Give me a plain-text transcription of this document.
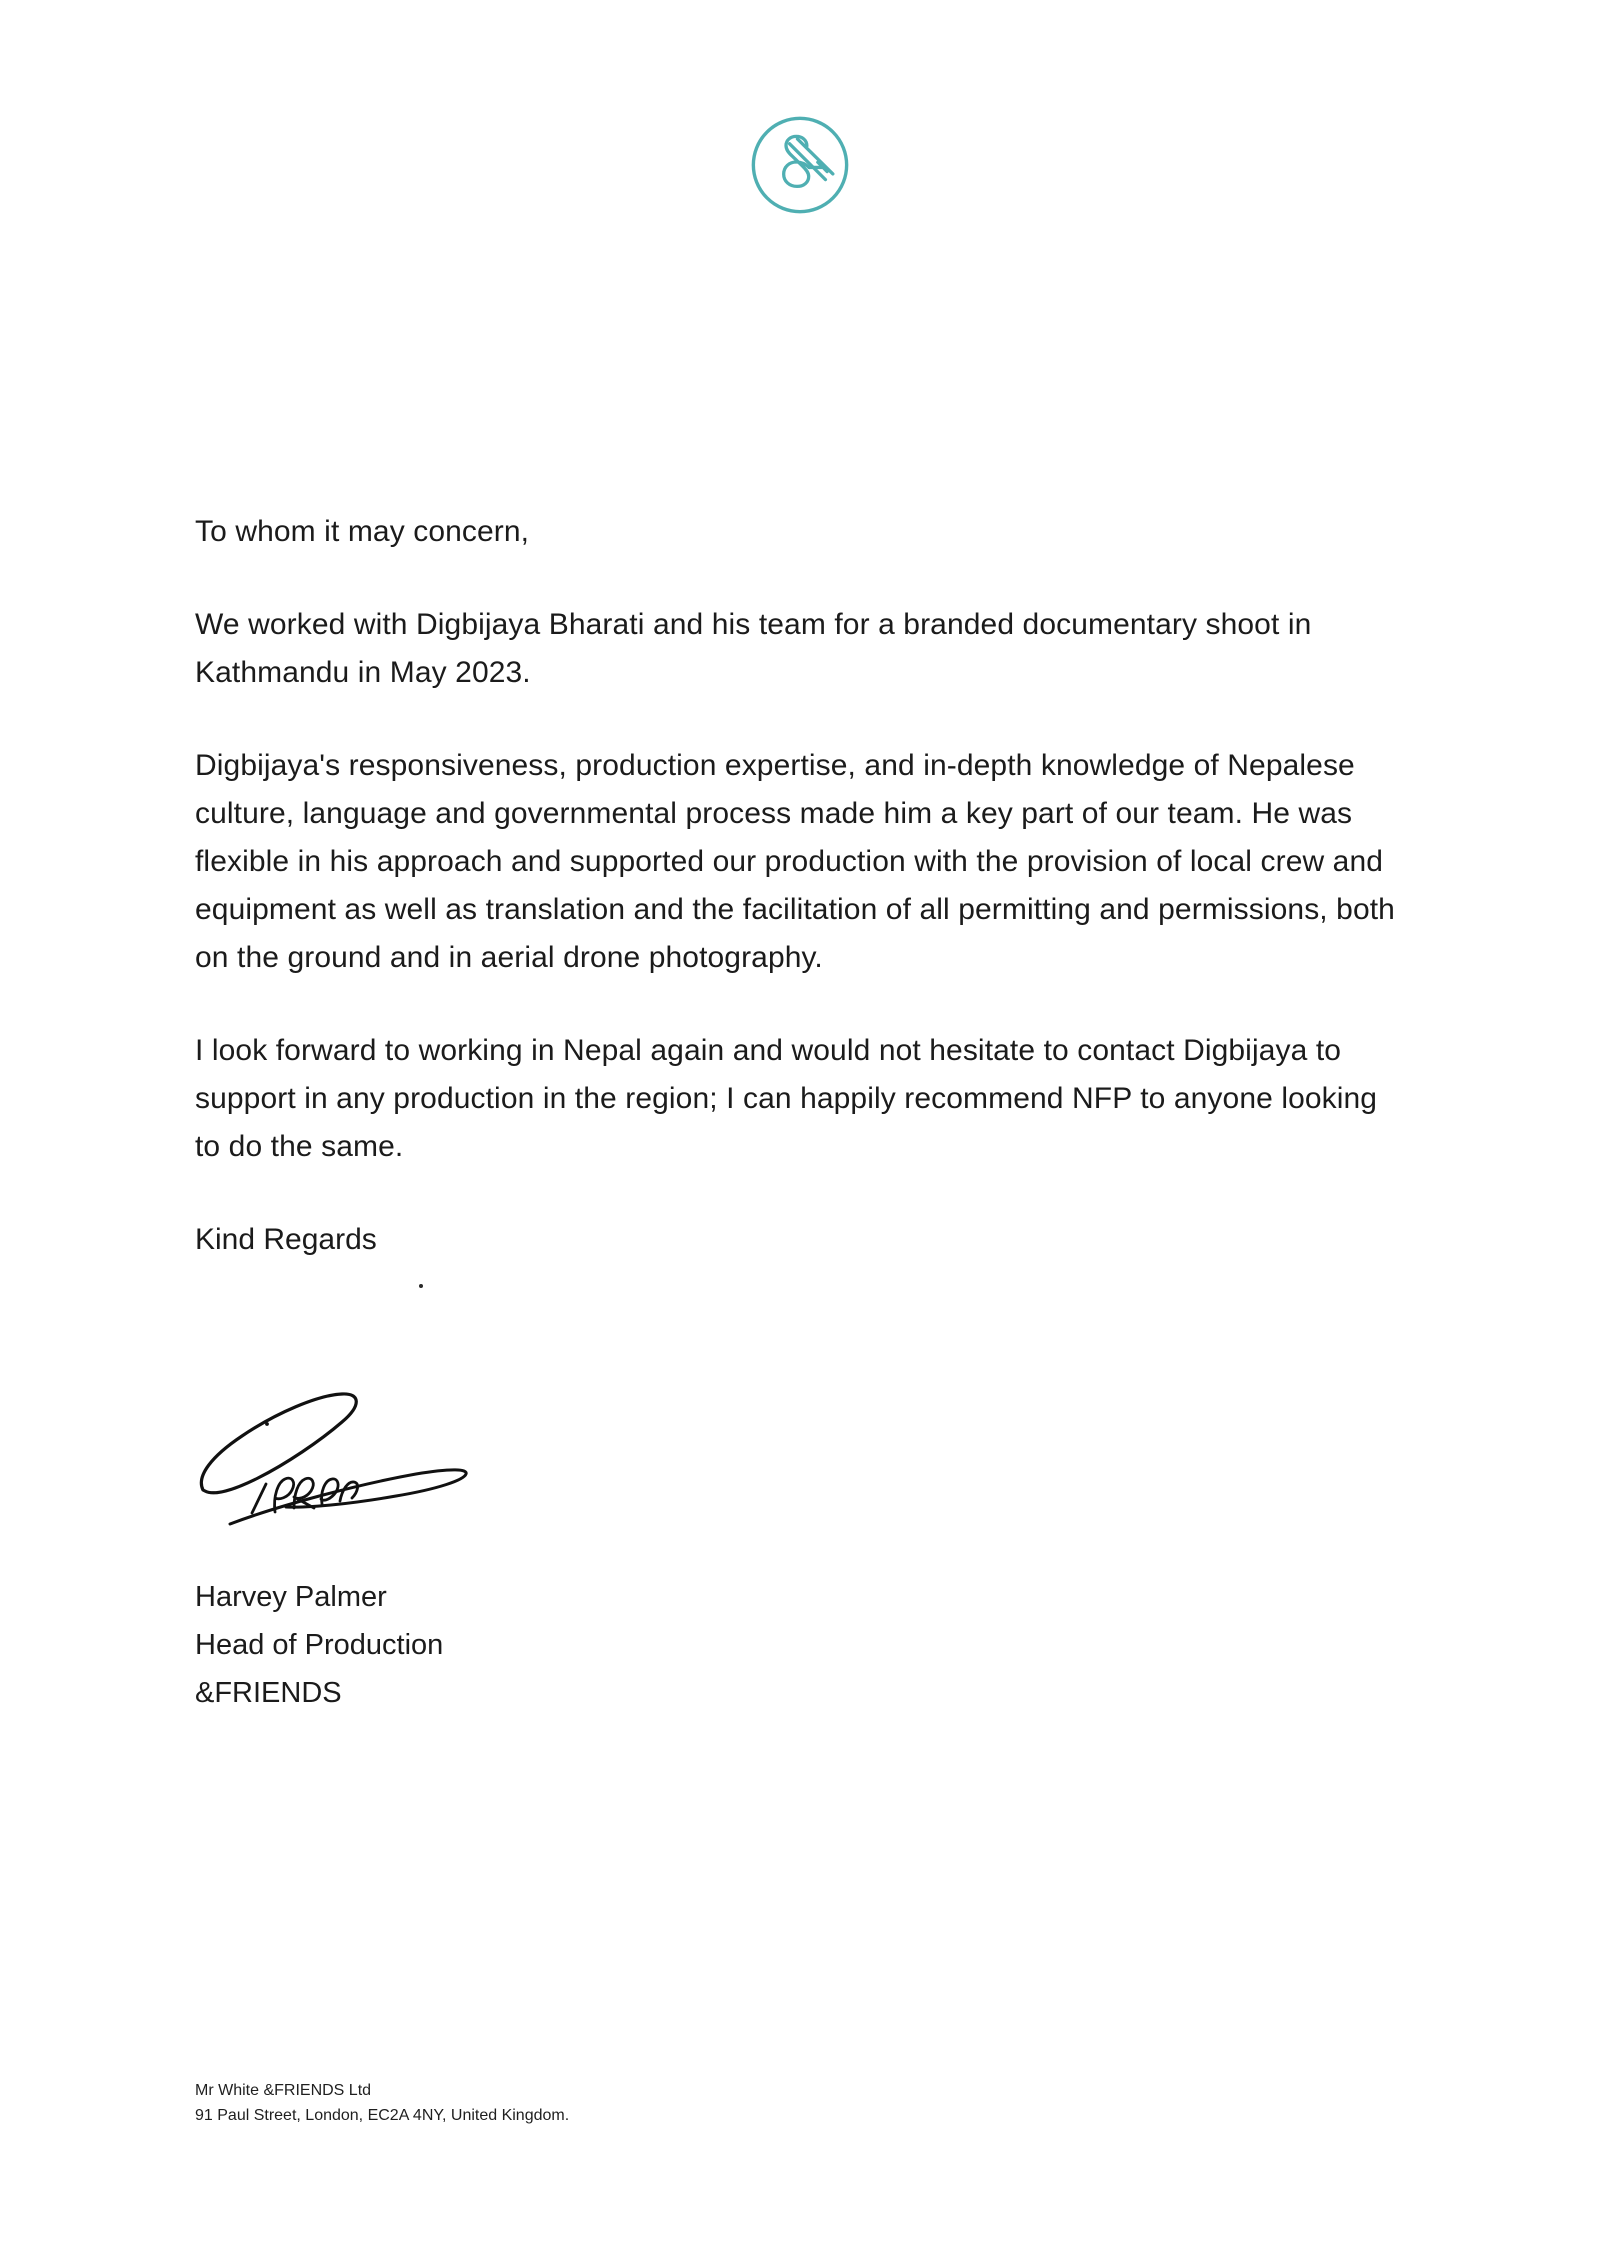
To whom it may concern,

We worked with Digbijaya Bharati and his team for a branded documentary shoot in Kathmandu in May 2023.

Digbijaya's responsiveness, production expertise, and in-depth knowledge of Nepalese culture, language and governmental process made him a key part of our team. He was flexible in his approach and supported our production with the provision of local crew and equipment as well as translation and the facilitation of all permitting and permissions, both on the ground and in aerial drone photography.

I look forward to working in Nepal again and would not hesitate to contact Digbijaya to support in any production in the region; I can happily recommend NFP to anyone looking to do the same.

Kind Regards
Harvey Palmer
Head of Production
&FRIENDS
Mr White &FRIENDS Ltd
91 Paul Street, London, EC2A 4NY, United Kingdom.
